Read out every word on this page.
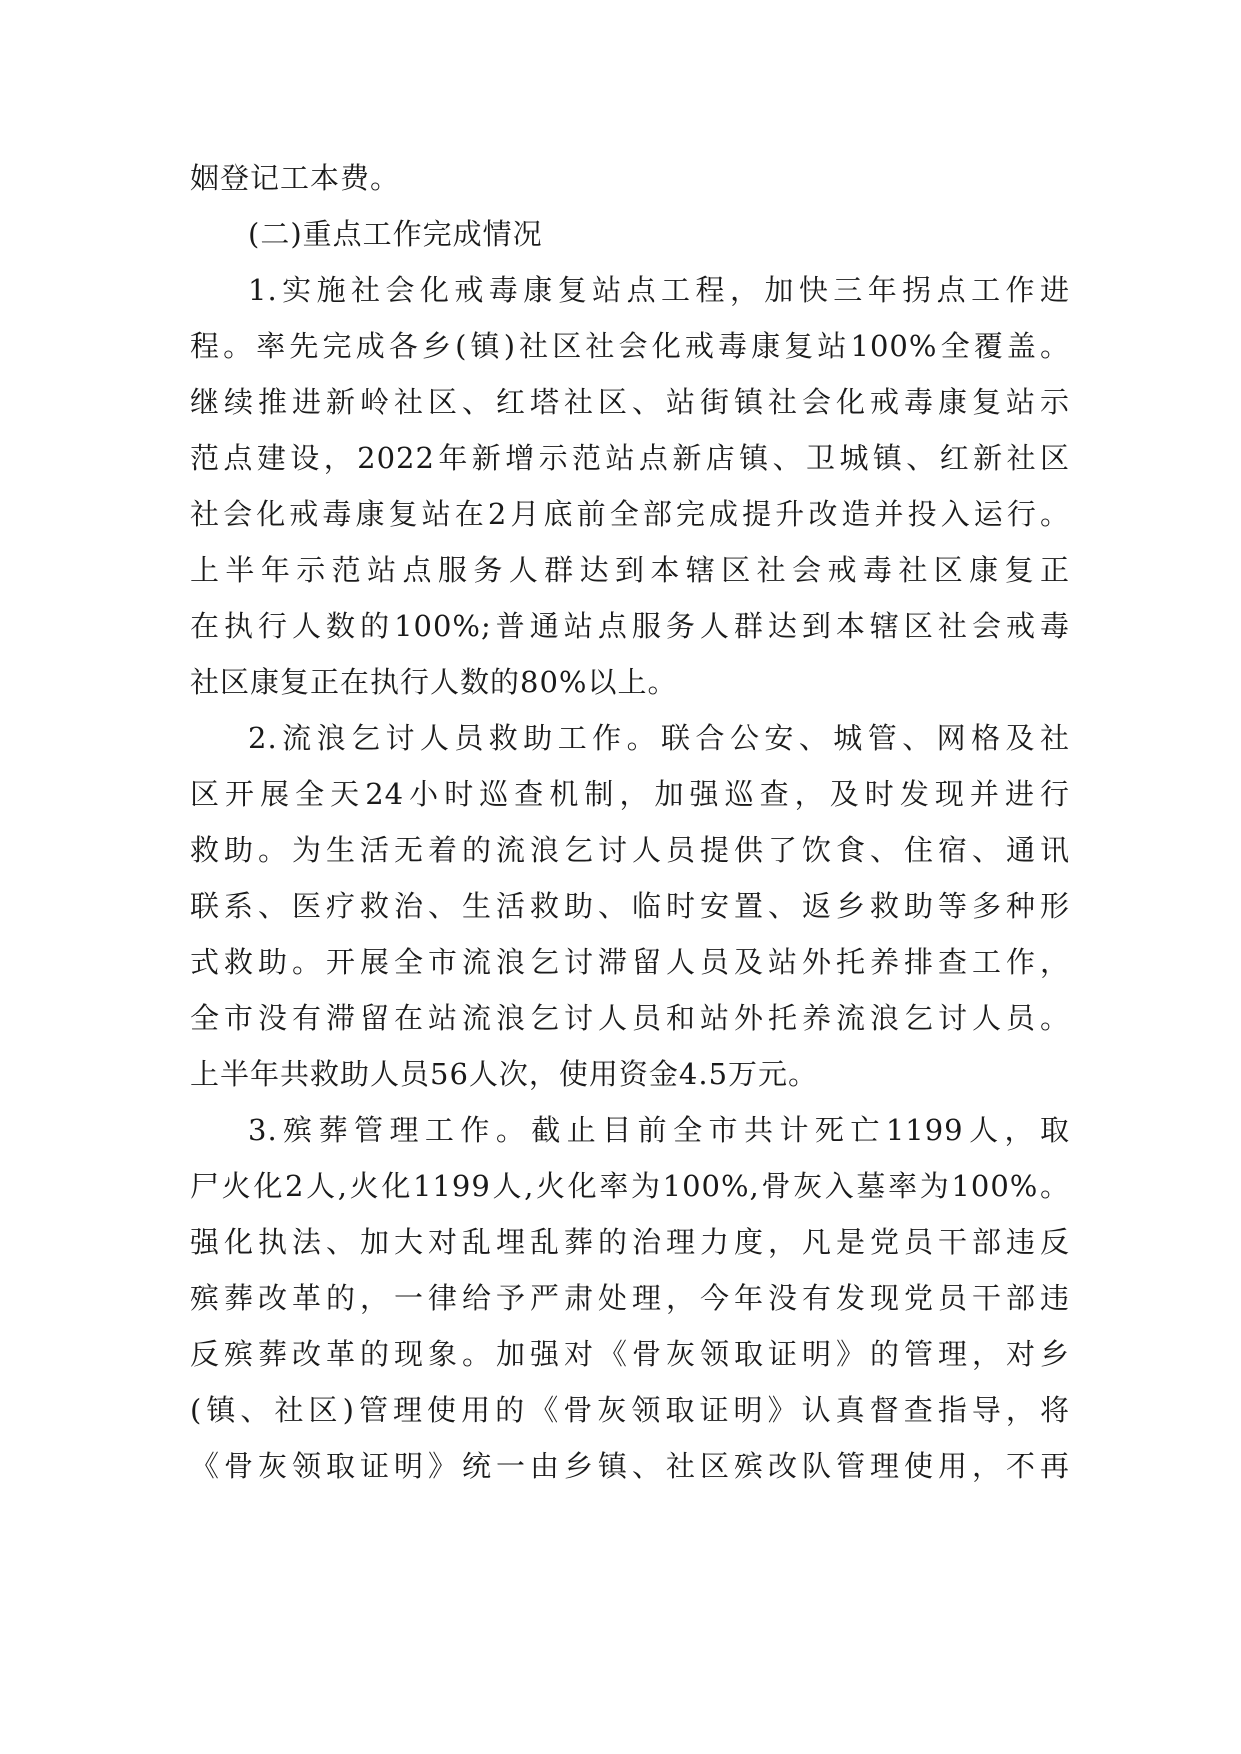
姻登记工本费。
(二)重点工作完成情况
1.实施社会化戒毒康复站点工程，加快三年拐点工作进
程。率先完成各乡(镇)社区社会化戒毒康复站100%全覆盖。
继续推进新岭社区、红塔社区、站街镇社会化戒毒康复站示
范点建设，2022年新增示范站点新店镇、卫城镇、红新社区
社会化戒毒康复站在2月底前全部完成提升改造并投入运行。
上半年示范站点服务人群达到本辖区社会戒毒社区康复正
在执行人数的100%;普通站点服务人群达到本辖区社会戒毒
社区康复正在执行人数的80%以上。
2.流浪乞讨人员救助工作。联合公安、城管、网格及社
区开展全天24小时巡查机制，加强巡查，及时发现并进行
救助。为生活无着的流浪乞讨人员提供了饮食、住宿、通讯
联系、医疗救治、生活救助、临时安置、返乡救助等多种形
式救助。开展全市流浪乞讨滞留人员及站外托养排查工作，
全市没有滞留在站流浪乞讨人员和站外托养流浪乞讨人员。
上半年共救助人员56人次，使用资金4.5万元。
3.殡葬管理工作。截止目前全市共计死亡1199人，取
尸火化2人,火化1199人,火化率为100%,骨灰入墓率为100%。
强化执法、加大对乱埋乱葬的治理力度，凡是党员干部违反
殡葬改革的，一律给予严肃处理，今年没有发现党员干部违
反殡葬改革的现象。加强对《骨灰领取证明》的管理，对乡
(镇、社区)管理使用的《骨灰领取证明》认真督查指导，将
《骨灰领取证明》统一由乡镇、社区殡改队管理使用，不再
